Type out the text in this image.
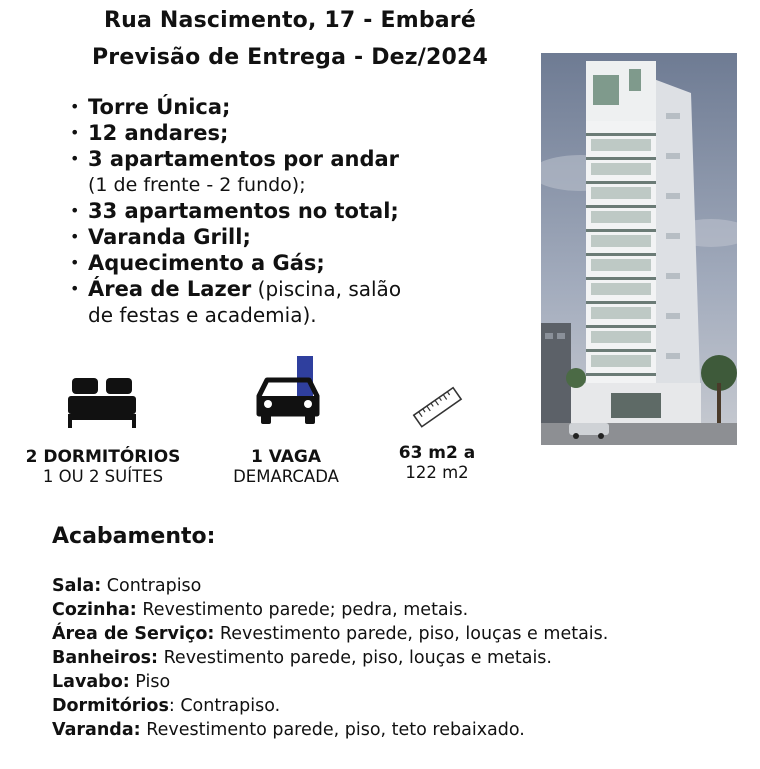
Rua Nascimento, 17 - Embaré
Previsão de Entrega - Dez/2024
• Torre Única;
• 12 andares;
• 3 apartamentos por andar
(1 de frente - 2 fundo);
• 33 apartamentos no total;
• Varanda Grill;
• Aquecimento a Gás;
• Área de Lazer (piscina, salão
de festas e academia).
2 DORMITÓRIOS
1 OU 2 SUÍTES
1 VAGA
DEMARCADA
63 m2 a
122 m2
Acabamento:
Sala: Contrapiso
Cozinha: Revestimento parede; pedra, metais.
Área de Serviço: Revestimento parede, piso, louças e metais.
Banheiros: Revestimento parede, piso, louças e metais.
Lavabo: Piso
Dormitórios: Contrapiso.
Varanda: Revestimento parede, piso, teto rebaixado.
